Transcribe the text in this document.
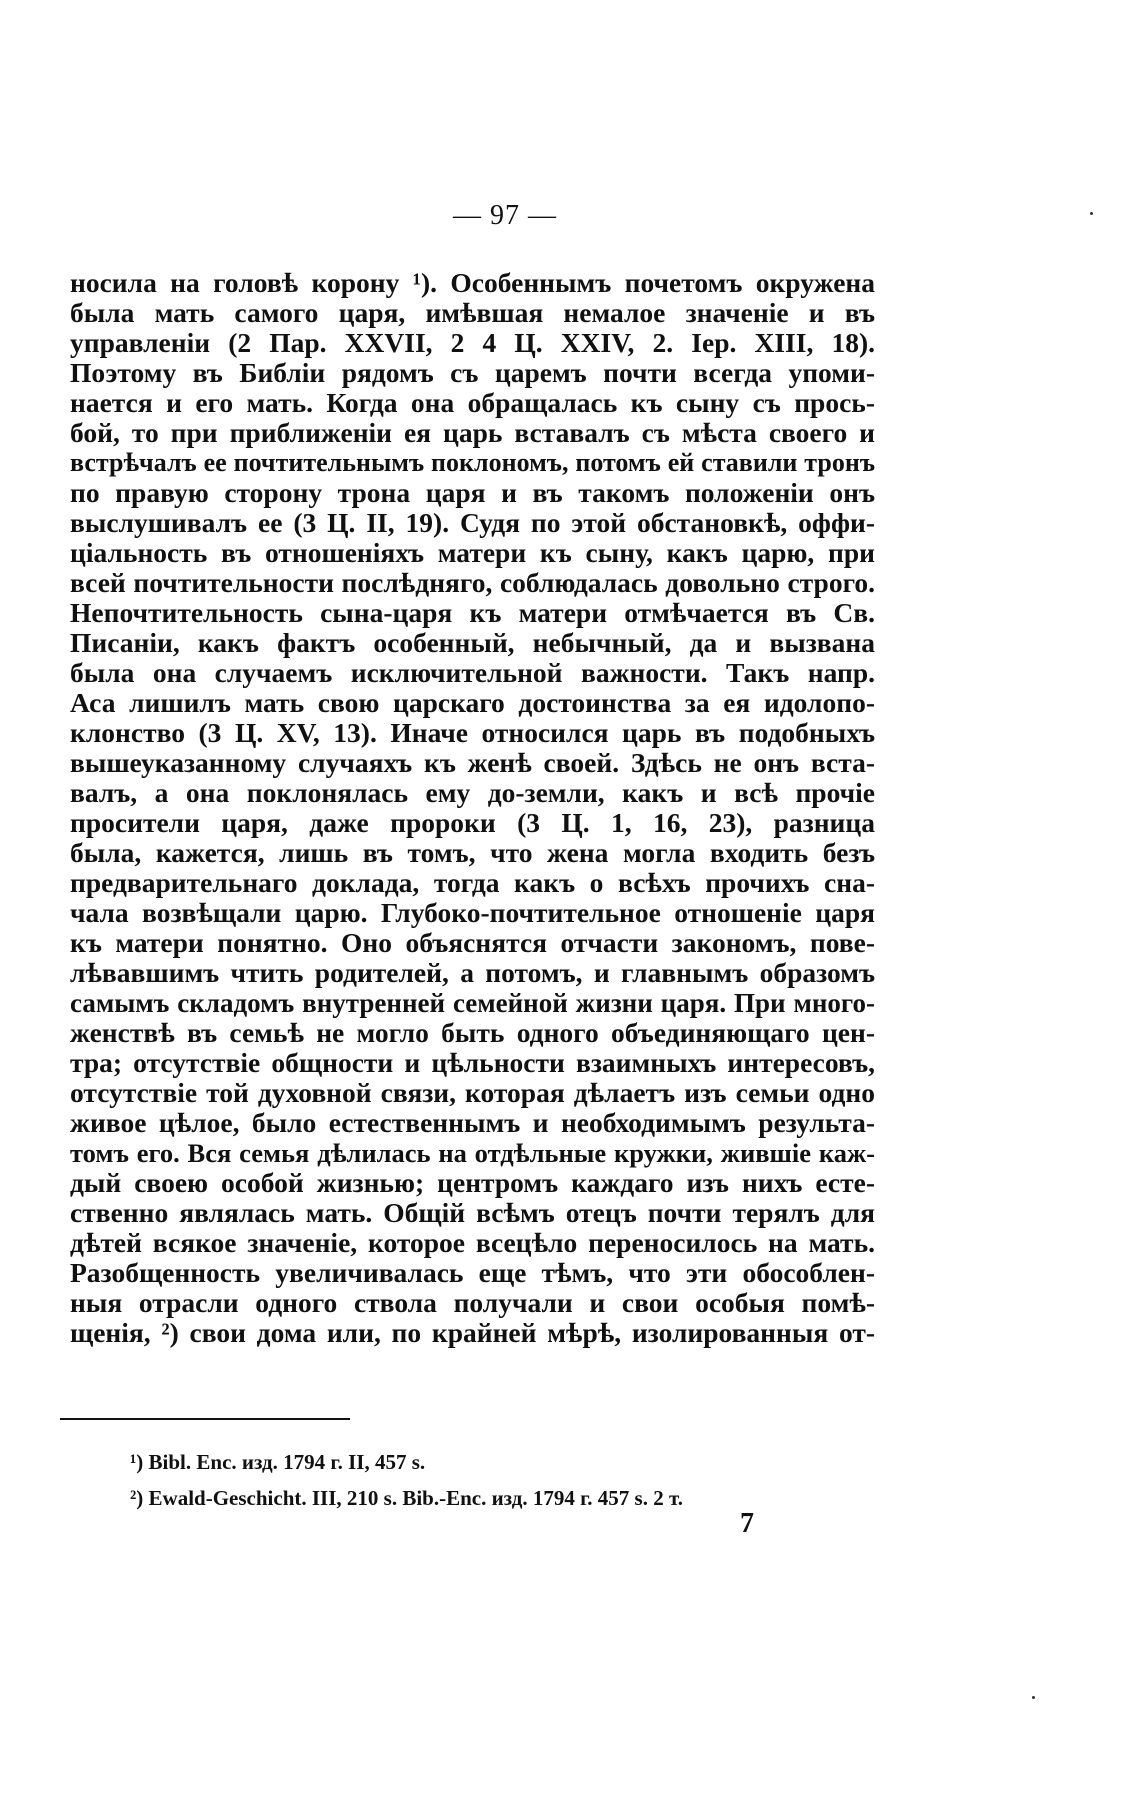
— 97 —
носила на головѣ корону ¹). Особеннымъ почетомъ окружена
была мать самого царя, имѣвшая немалое значеніе и въ
управленіи (2 Пар. XXVII, 2 4 Ц. XXIV, 2. Іер. XIII, 18).
Поэтому въ Библіи рядомъ съ царемъ почти всегда упоми-
нается и его мать. Когда она обращалась къ сыну съ прось-
бой, то при приближеніи ея царь вставалъ съ мѣста своего и
встрѣчалъ ее почтительнымъ поклономъ, потомъ ей ставили тронъ
по правую сторону трона царя и въ такомъ положеніи онъ
выслушивалъ ее (3 Ц. II, 19). Судя по этой обстановкѣ, оффи-
ціальность въ отношеніяхъ матери къ сыну, какъ царю, при
всей почтительности послѣдняго, соблюдалась довольно строго.
Непочтительность сына-царя къ матери отмѣчается въ Св.
Писаніи, какъ фактъ особенный, небычный, да и вызвана
была она случаемъ исключительной важности. Такъ напр.
Аса лишилъ мать свою царскаго достоинства за ея идолопо-
клонство (3 Ц. XV, 13). Иначе относился царь въ подобныхъ
вышеуказанному случаяхъ къ женѣ своей. Здѣсь не онъ вста-
валъ, а она поклонялась ему до-земли, какъ и всѣ прочіе
просители царя, даже пророки (3 Ц. 1, 16, 23), разница
была, кажется, лишь въ томъ, что жена могла входить безъ
предварительнаго доклада, тогда какъ о всѣхъ прочихъ сна-
чала возвѣщали царю. Глубоко-почтительное отношеніе царя
къ матери понятно. Оно объяснятся отчасти закономъ, пове-
лѣвавшимъ чтить родителей, а потомъ, и главнымъ образомъ
самымъ складомъ внутренней семейной жизни царя. При много-
женствѣ въ семьѣ не могло быть одного объединяющаго цен-
тра; отсутствіе общности и цѣльности взаимныхъ интересовъ,
отсутствіе той духовной связи, которая дѣлаетъ изъ семьи одно
живое цѣлое, было естественнымъ и необходимымъ результа-
томъ его. Вся семья дѣлилась на отдѣльные кружки, жившіе каж-
дый своею особой жизнью; центромъ каждаго изъ нихъ есте-
ственно являлась мать. Общій всѣмъ отецъ почти терялъ для
дѣтей всякое значеніе, которое всецѣло переносилось на мать.
Разобщенность увеличивалась еще тѣмъ, что эти обособлен-
ныя отрасли одного ствола получали и свои особыя помѣ-
щенія, ²) свои дома или, по крайней мѣрѣ, изолированныя от-
¹) Bibl. Enc. изд. 1794 г. II, 457 s.
²) Ewald-Geschicht. III, 210 s. Bib.-Enc. изд. 1794 г. 457 s. 2 т.
7
